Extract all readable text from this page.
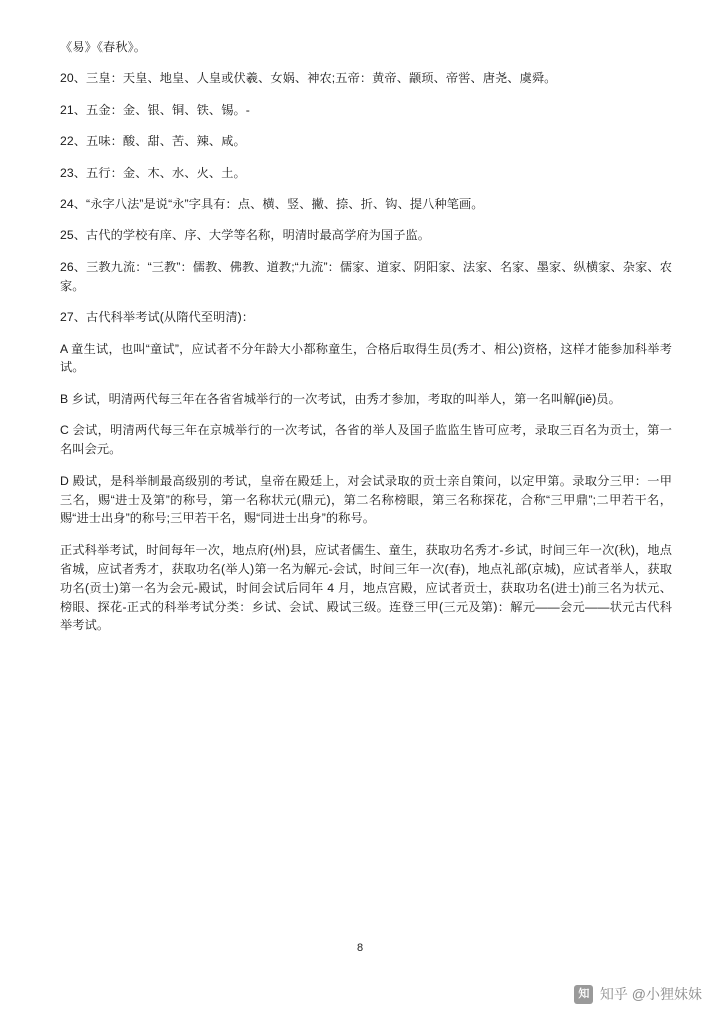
《易》《春秋》。

20、三皇：天皇、地皇、人皇或伏羲、女娲、神农;五帝：黄帝、颛顼、帝喾、唐尧、虞舜。

21、五金：金、银、铜、铁、锡。-

22、五味：酸、甜、苦、辣、咸。

23、五行：金、木、水、火、土。

24、“永字八法”是说“永”字具有：点、横、竖、撇、捺、折、钩、提八种笔画。

25、古代的学校有庠、序、大学等名称，明清时最高学府为国子监。

26、三教九流：“三教”：儒教、佛教、道教;“九流”：儒家、道家、阴阳家、法家、名家、墨家、纵横家、杂家、农家。

27、古代科举考试(从隋代至明清)：

A 童生试，也叫“童试”，应试者不分年龄大小都称童生，合格后取得生员(秀才、相公)资格，这样才能参加科举考试。

B 乡试，明清两代每三年在各省省城举行的一次考试，由秀才参加，考取的叫举人，第一名叫解(jiě)员。

C 会试，明清两代每三年在京城举行的一次考试，各省的举人及国子监监生皆可应考，录取三百名为贡士，第一名叫会元。

D 殿试，是科举制最高级别的考试，皇帝在殿廷上，对会试录取的贡士亲自策问，以定甲第。录取分三甲：一甲三名，赐“进士及第”的称号，第一名称状元(鼎元)，第二名称榜眼，第三名称探花，合称“三甲鼎”;二甲若干名，赐“进士出身”的称号;三甲若干名，赐“同进士出身”的称号。

正式科举考试，时间每年一次，地点府(州)县，应试者儒生、童生，获取功名秀才-乡试，时间三年一次(秋)，地点省城，应试者秀才，获取功名(举人)第一名为解元-会试，时间三年一次(春)，地点礼部(京城)，应试者举人，获取功名(贡士)第一名为会元-殿试，时间会试后同年 4 月，地点宫殿，应试者贡士，获取功名(进士)前三名为状元、榜眼、探花-正式的科举考试分类：乡试、会试、殿试三级。连登三甲(三元及第)：解元——会元——状元古代科举考试。

8
知乎
知乎 @小狸妹妹
